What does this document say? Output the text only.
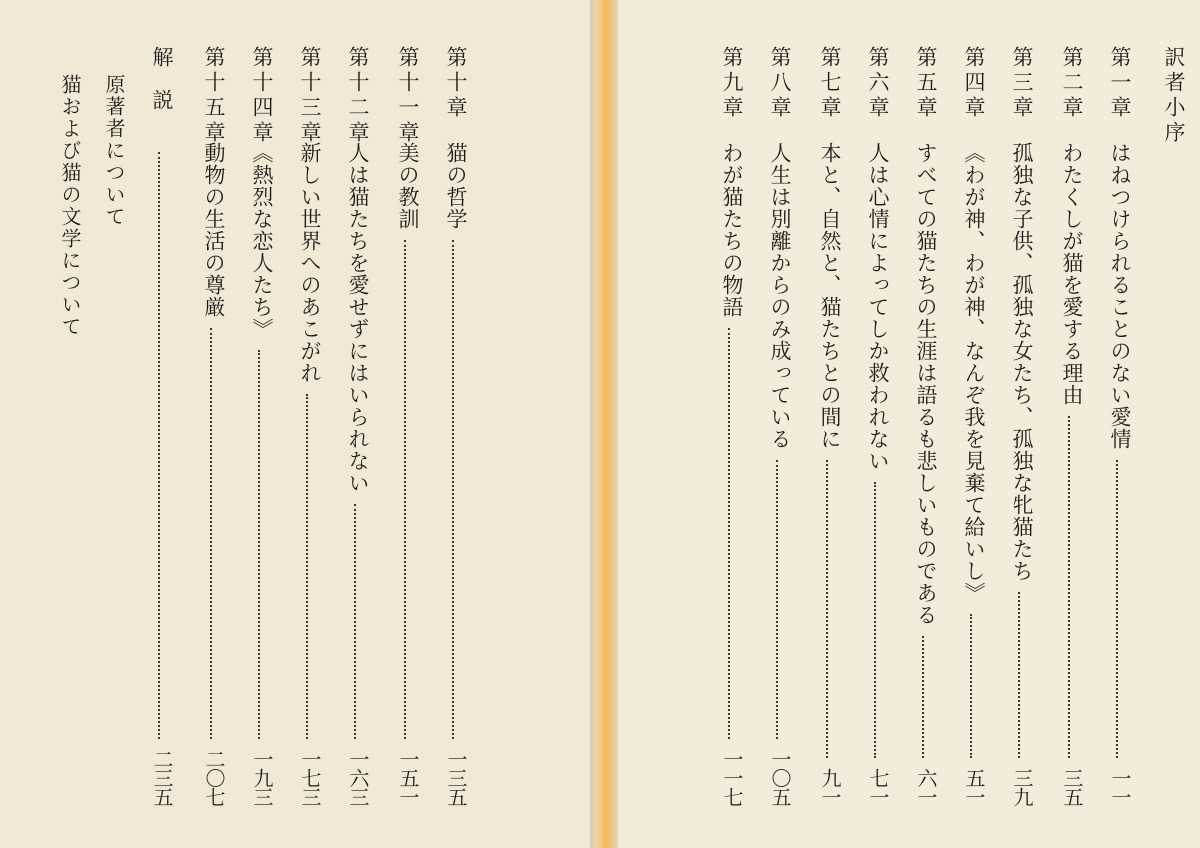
訳者小序
第一章
はねつけられることのない愛情
一一
第二章
わたくしが猫を愛する理由
三五
第三章
孤独な子供、孤独な女たち、孤独な牝猫たち
三九
第四章
《わが神、わが神、なんぞ我を見棄て給いし》
五一
第五章
すべての猫たちの生涯は語るも悲しいものである
六一
第六章
人は心情によってしか救われない
七一
第七章
本と、自然と、猫たちとの間に
九一
第八章
人生は別離からのみ成っている
一〇五
第九章
わが猫たちの物語
一一七
第十章
猫の哲学
一三五
第十一章
美の教訓
一五一
第十二章
人は猫たちを愛せずにはいられない
一六三
第十三章
新しい世界へのあこがれ
一七三
第十四章
《熱烈な恋人たち》
一九三
第十五章
動物の生活の尊厳
二〇七
解説
二三五
原著者について
猫および猫の文学について
